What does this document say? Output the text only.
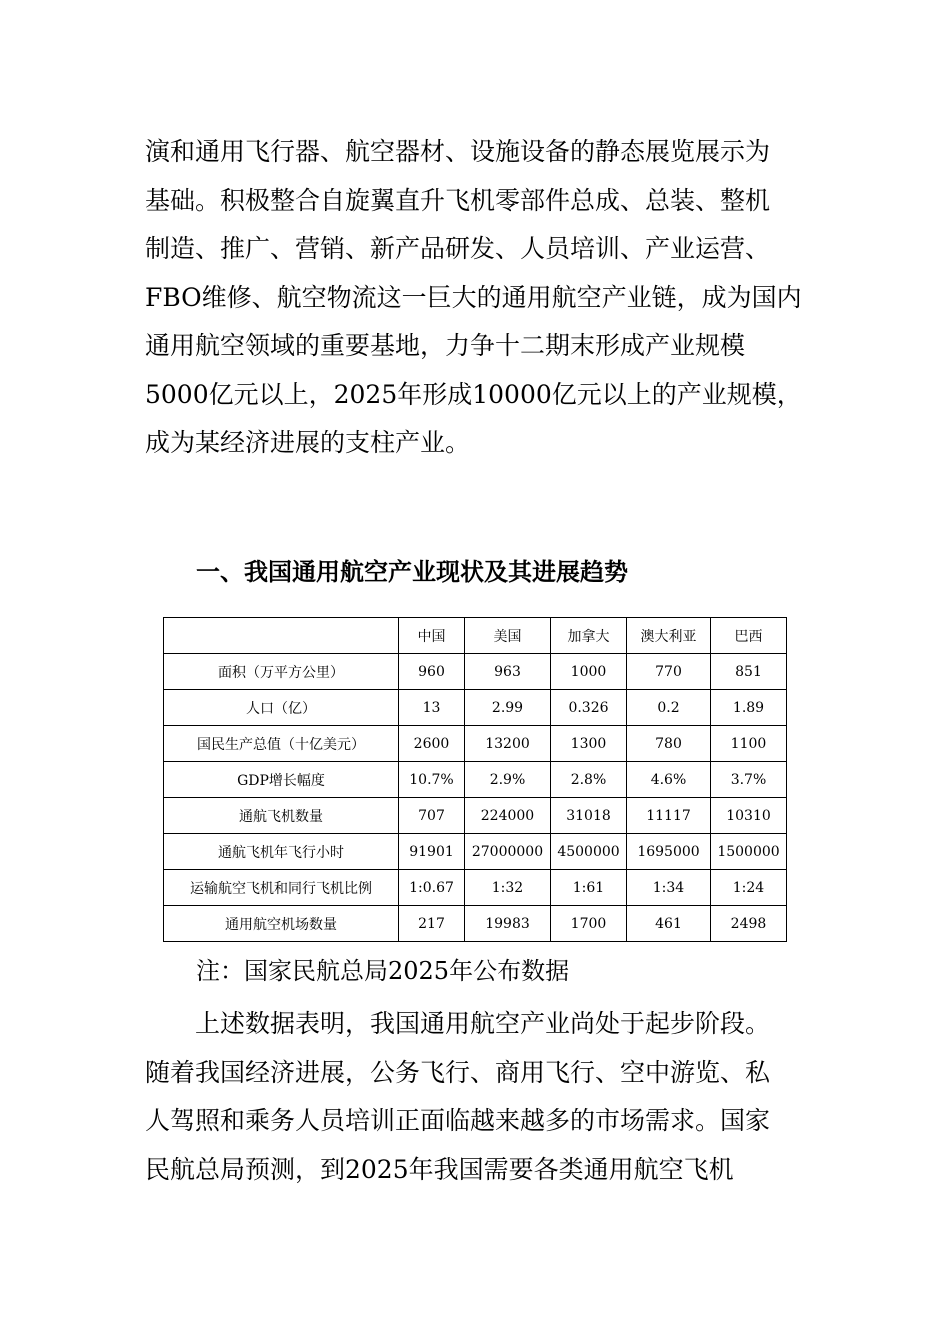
演和通用飞行器、航空器材、设施设备的静态展览展示为
基础。积极整合自旋翼直升飞机零部件总成、总装、整机
制造、推广、营销、新产品研发、人员培训、产业运营、
FBO维修、航空物流这一巨大的通用航空产业链，成为国内
通用航空领域的重要基地，力争十二期末形成产业规模
5000亿元以上，2025年形成10000亿元以上的产业规模，
成为某经济进展的支柱产业。

一、我国通用航空产业现状及其进展趋势
	中国	美国	加拿大	澳大利亚	巴西
面积（万平方公里）	960	963	1000	770	851
人口（亿）	13	2.99	0.326	0.2	1.89
国民生产总值（十亿美元）	2600	13200	1300	780	1100
GDP增长幅度	10.7%	2.9%	2.8%	4.6%	3.7%
通航飞机数量	707	224000	31018	11117	10310
通航飞机年飞行小时	91901	27000000	4500000	1695000	1500000
运输航空飞机和同行飞机比例	1:0.67	1:32	1:61	1:34	1:24
通用航空机场数量	217	19983	1700	461	2498

注：国家民航总局2025年公布数据

　　上述数据表明，我国通用航空产业尚处于起步阶段。
随着我国经济进展，公务飞行、商用飞行、空中游览、私
人驾照和乘务人员培训正面临越来越多的市场需求。国家
民航总局预测，到2025年我国需要各类通用航空飞机
